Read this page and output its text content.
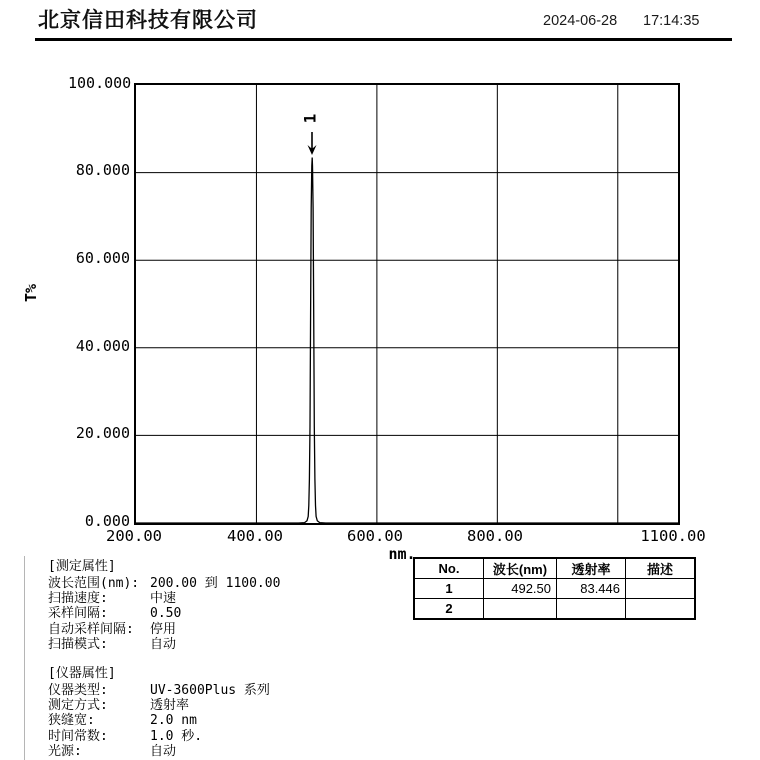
北京信田科技有限公司	2024-06-28 17:14:35
100.000
80.000
60.000
40.000
20.000
0.000
200.00	400.00	600.00	800.00	1100.00
T%
nm.
1
[测定属性]
波长范围(nm): 200.00 到 1100.00
扫描速度:	中速
采样间隔:	0.50
自动采样间隔: 停用
扫描模式:	自动
[仪器属性]
仪器类型:	UV-3600Plus 系列
测定方式:	透射率
狭缝宽:	2.0 nm
时间常数:	1.0 秒.
光源:	自动
No.	波长(nm)	透射率	描述
1	492.50	83.446	
2			
